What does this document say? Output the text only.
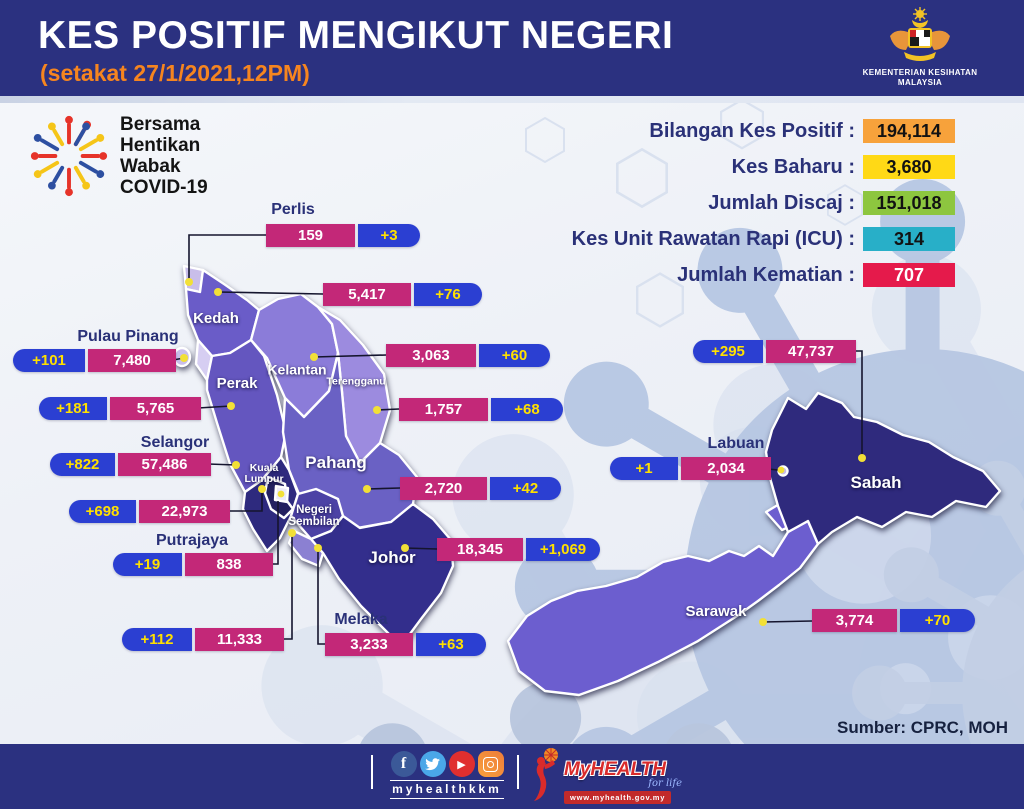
Kedah
Perak
Kelantan
Terengganu
Pahang
Kuala Lumpur
Negeri Sembilan
Johor
Sabah
Sarawak
KES POSITIF MENGIKUT NEGERI
(setakat 27/1/2021,12PM)	KEMENTERIAN KESIHATAN
MALAYSIA
Bersama
Hentikan
Wabak
COVID-19
Bilangan Kes Positif :	194,114
Kes Baharu :	3,680
Jumlah Discaj :	151,018
Kes Unit Rawatan Rapi (ICU) :	314
Jumlah Kematian :	707
Perlis
Pulau Pinang
Selangor
Putrajaya
Melaka
Labuan
159	+3
5,417	+76
3,063	+60
1,757	+68
2,720	+42
18,345	+1,069
3,233	+63
3,774	+70
+101	7,480
+181	5,765
+822	57,486
+698	22,973
+19	838
+112	11,333
+295	47,737
+1	2,034
Sumber: CPRC, MOH
f	▶
myhealthkkm
MyHEALTH
for life
www.myhealth.gov.my
